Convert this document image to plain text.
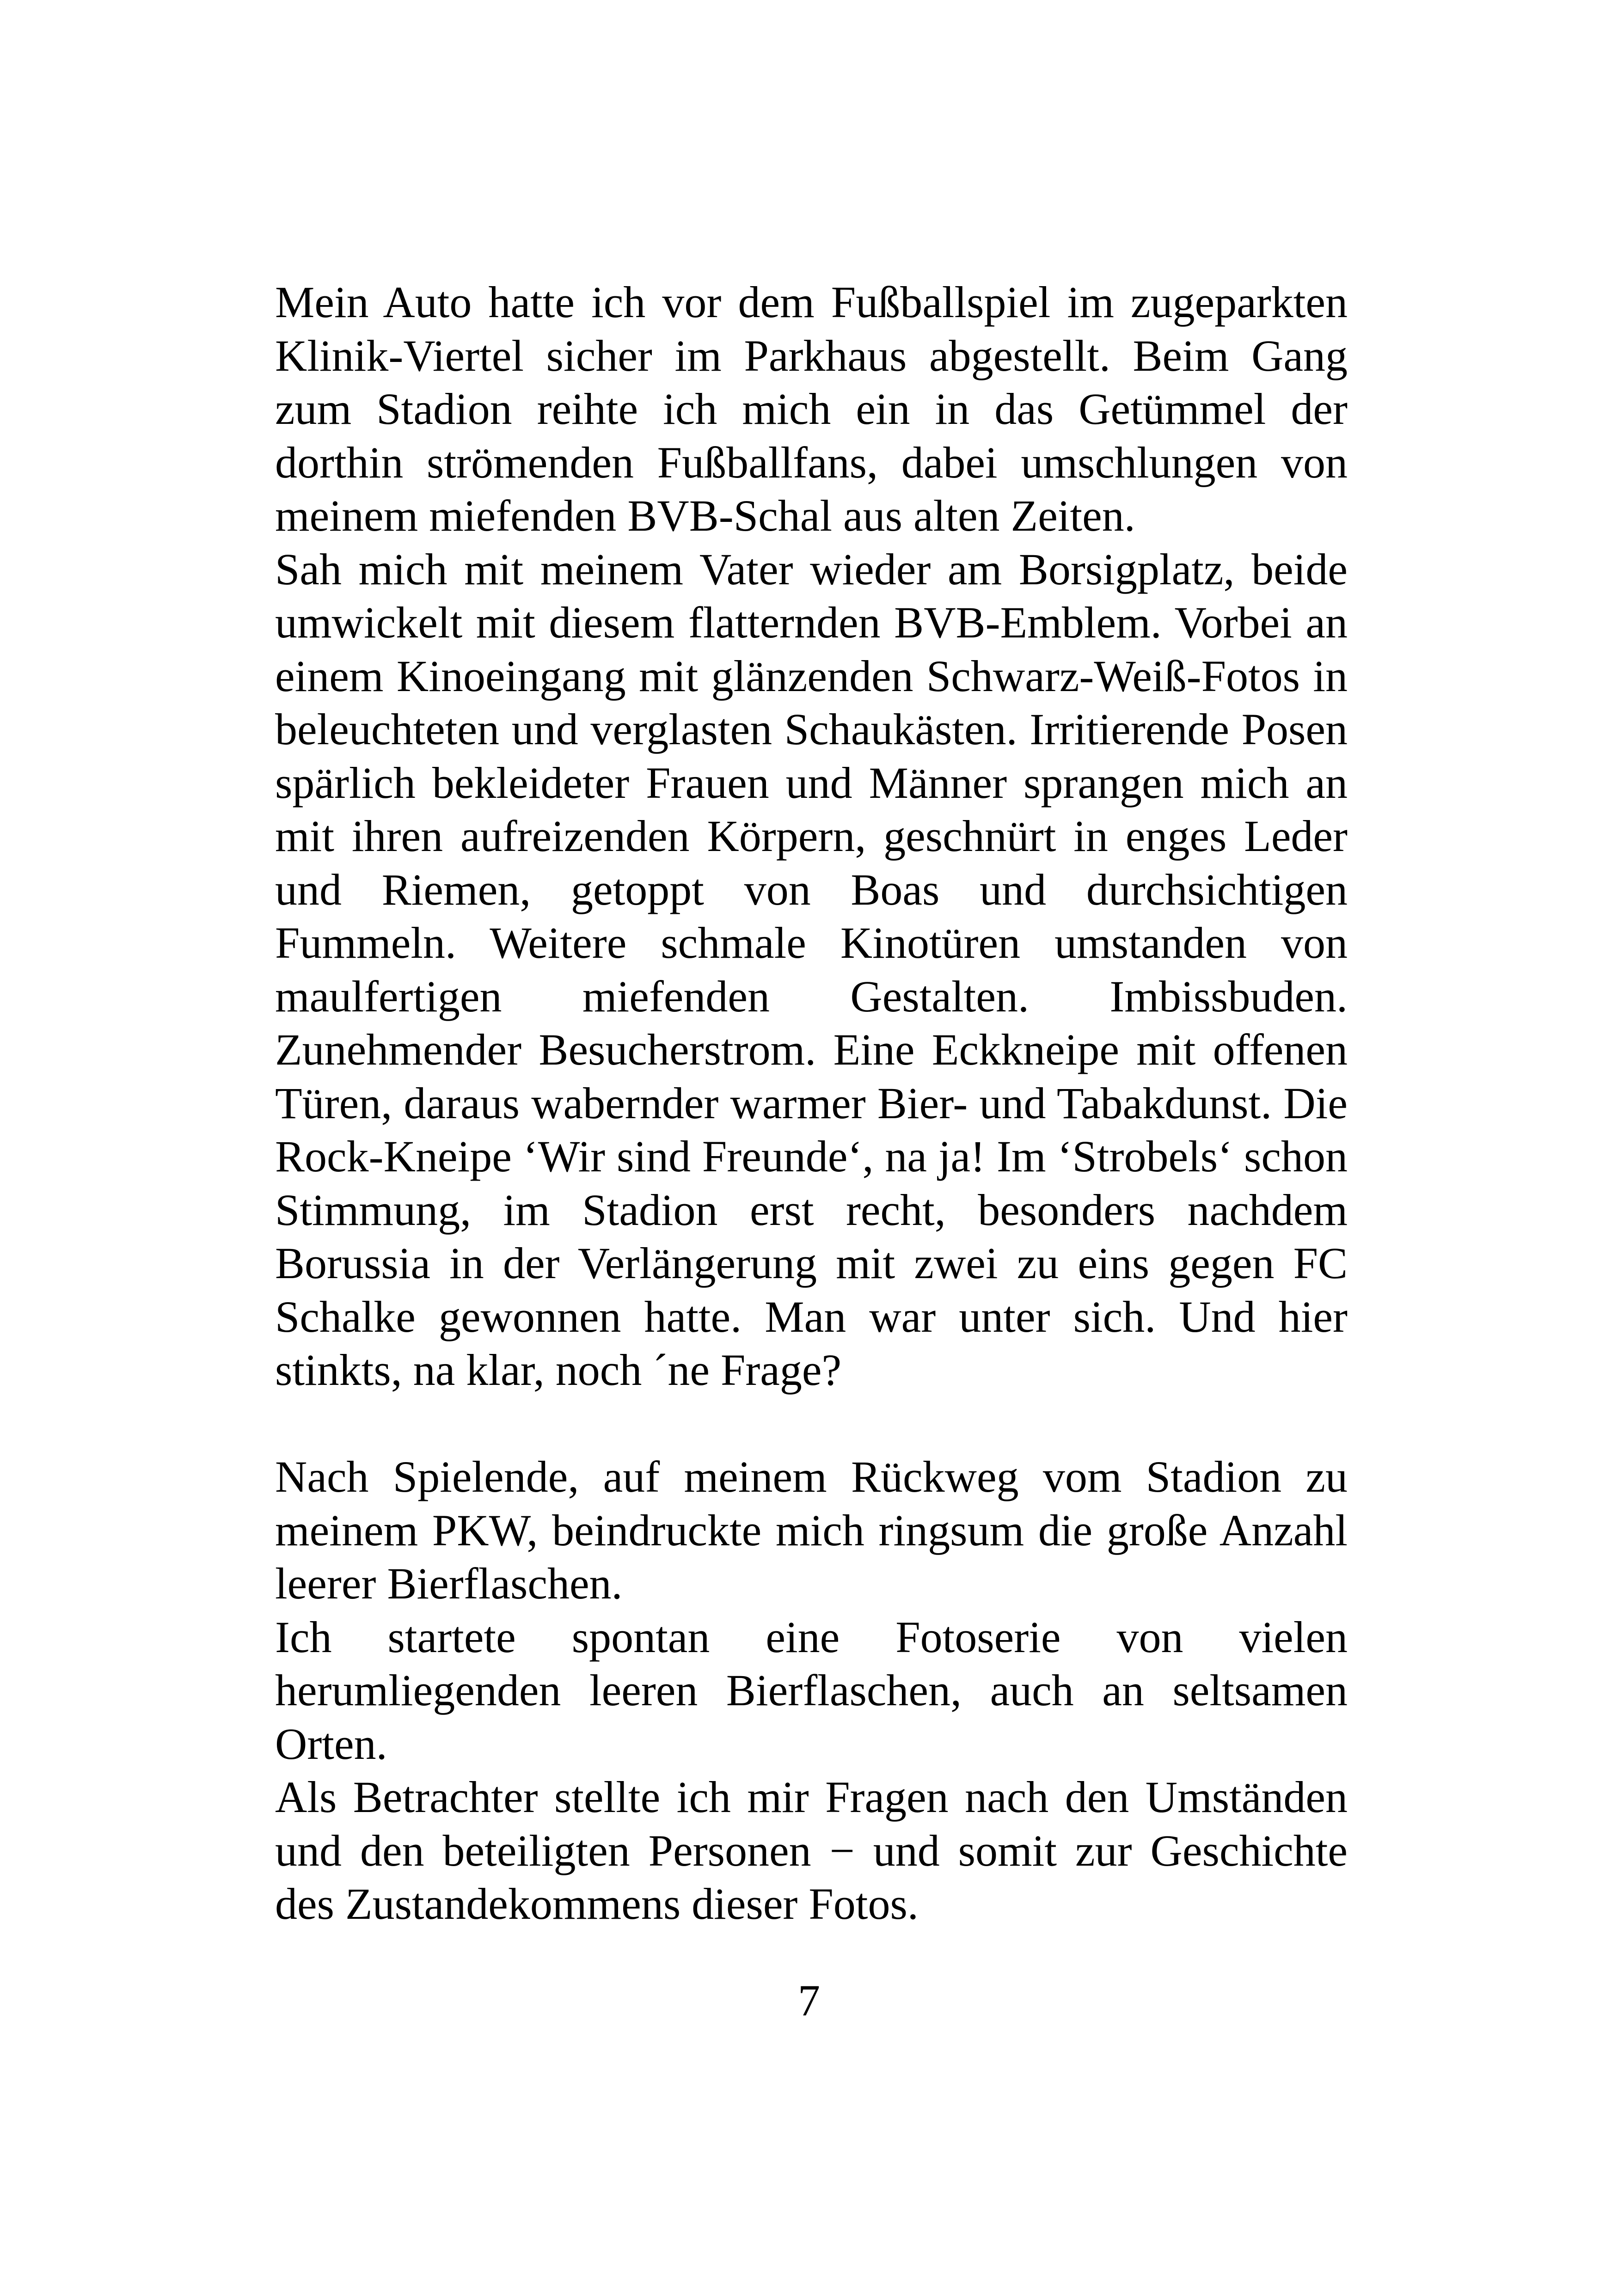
Mein Auto hatte ich vor dem Fußballspiel im zugeparkten Klinik-Viertel sicher im Parkhaus abgestellt. Beim Gang zum Stadion reihte ich mich ein in das Getümmel der dorthin strömenden Fußballfans, dabei umschlungen von meinem miefenden BVB-Schal aus alten Zeiten.

Sah mich mit meinem Vater wieder am Borsigplatz, beide umwickelt mit diesem flatternden BVB-Emblem. Vorbei an einem Kinoeingang mit glänzenden Schwarz-Weiß-Fotos in beleuchteten und verglasten Schaukästen. Irritierende Posen spärlich bekleideter Frauen und Männer sprangen mich an mit ihren aufreizenden Körpern, geschnürt in enges Leder und Riemen, getoppt von Boas und durchsichtigen Fummeln. Weitere schmale Kinotüren umstanden von maulfertigen miefenden Gestalten. Imbissbuden. Zunehmender Besucherstrom. Eine Eckkneipe mit offenen Türen, daraus wabernder warmer Bier- und Tabakdunst. Die Rock-Kneipe ‘Wir sind Freunde‘, na ja! Im ‘Strobels‘ schon Stimmung, im Stadion erst recht, besonders nachdem Borussia in der Verlängerung mit zwei zu eins gegen FC Schalke gewonnen hatte. Man war unter sich. Und hier stinkts, na klar, noch ´ne Frage?

Nach Spielende, auf meinem Rückweg vom Stadion zu meinem PKW, beindruckte mich ringsum die große Anzahl leerer Bierflaschen.

Ich startete spontan eine Fotoserie von vielen herumliegenden leeren Bierflaschen, auch an seltsamen Orten.

Als Betrachter stellte ich mir Fragen nach den Umständen und den beteiligten Personen − und somit zur Geschichte des Zustandekommens dieser Fotos.

7
